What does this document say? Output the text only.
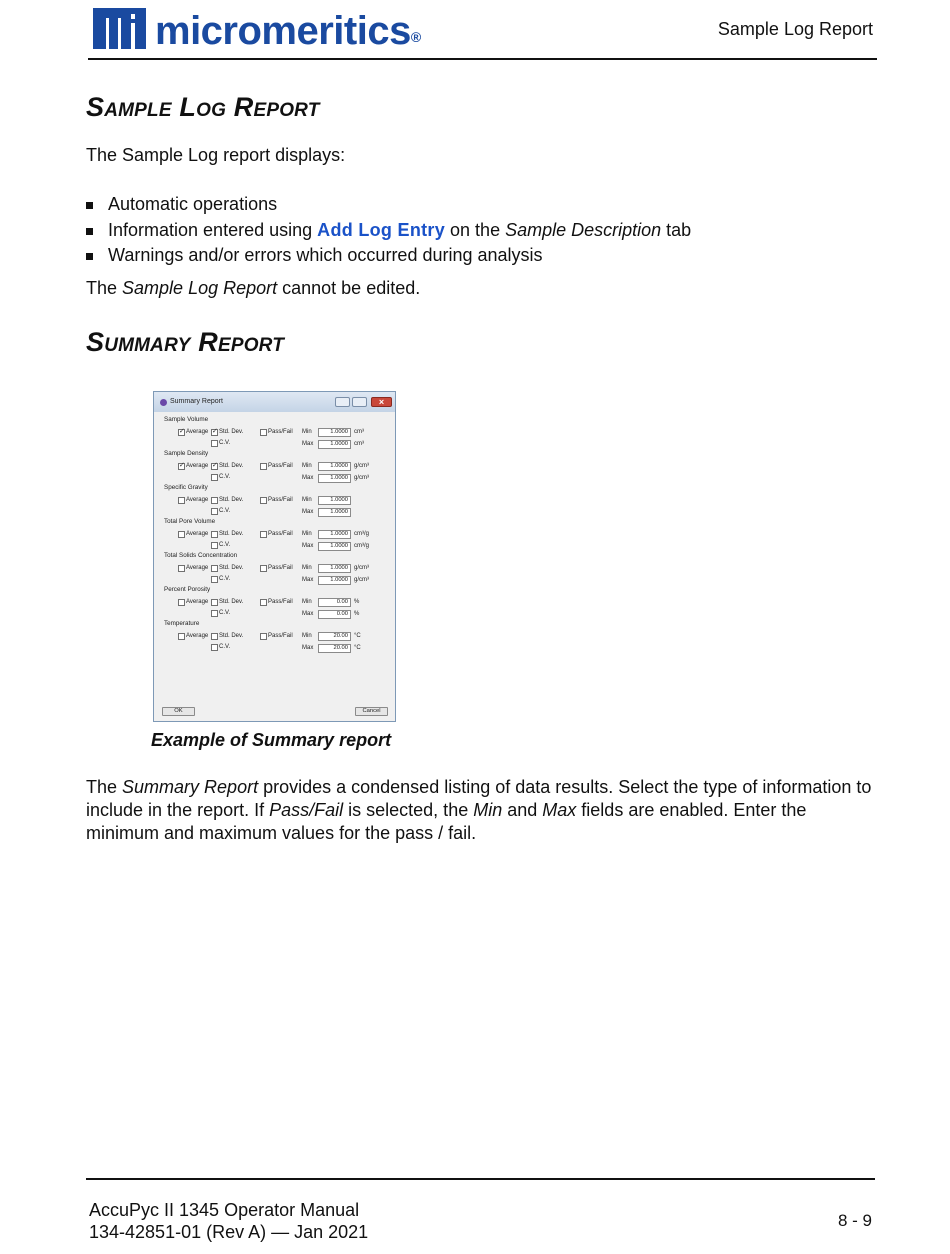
micromeritics®	Sample Log Report
Sample Log Report
The Sample Log report displays:
Automatic operations
Information entered using Add Log Entry on the Sample Description tab
Warnings and/or errors which occurred during analysis
The Sample Log Report cannot be edited.
Summary Report
Summary Report	×
Sample Volume
✓
Average ✓ Std. Dev.	Pass/Fail Min	1.0000	cm³
C.V.	Max	1.0000	cm³
Sample Density
✓
Average ✓ Std. Dev.	Pass/Fail Min	1.0000	g/cm³
C.V.	Max	1.0000	g/cm³
Specific Gravity
Average Std. Dev.	Pass/Fail Min	1.0000
C.V.	Max	1.0000
Total Pore Volume
Average Std. Dev.	Pass/Fail Min	1.0000	cm³/g
C.V.	Max	1.0000	cm³/g
Total Solids Concentration
Average Std. Dev.	Pass/Fail Min	1.0000	g/cm³
C.V.	Max	1.0000	g/cm³
Percent Porosity
Average Std. Dev.	Pass/Fail Min	0.00	%
C.V.	Max	0.00	%
Temperature
Average Std. Dev.	Pass/Fail Min	20.00	°C
C.V.	Max	20.00	°C
OK	Cancel
Example of Summary report
The Summary Report provides a condensed listing of data results. Select the type of information to include in the report. If Pass/Fail is selected, the Min and Max fields are enabled. Enter the minimum and maximum values for the pass / fail.
AccuPyc II 1345 Operator Manual
134-42851-01 (Rev A) — Jan 2021
8 - 9
